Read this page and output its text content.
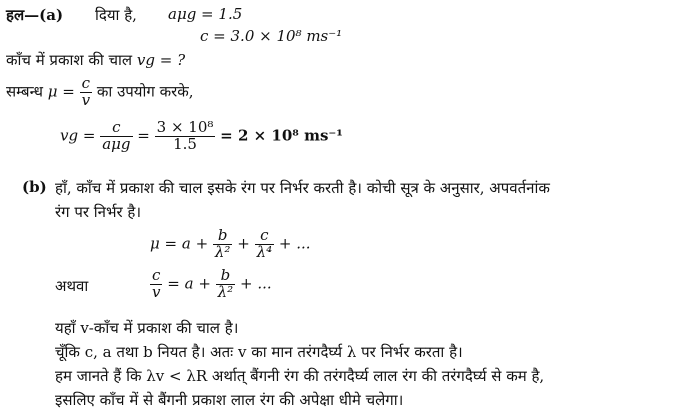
हल—(a) दिया है, aμg = 1.5
c = 3.0 × 10⁸ ms⁻¹
काँच में प्रकाश की चाल vg = ?
सम्बन्ध $\mu = \frac{c}{v}$ का उपयोग करके,
vg = $\frac{c}{\text{aμg}} = \frac{\text{3 × 10⁸}}{1.5} = 2 \times 10^8$ ms⁻¹
(b) हाँ, काँच में प्रकाश की चाल इसके रंग पर निर्भर करती है। कोची सूत्र के अनुसार, अपवर्तनांक
रंग पर निर्भर है।
$\mu = a + \frac{b}{\text{λ²}} + \frac{c}{\text{λ⁴}}$ + ...
अथवा	$\frac{c}{v} = a + \frac{b}{\text{λ²}}$ + ...
यहाँ v-काँच में प्रकाश की चाल है।
चूँकि c, a तथा b नियत है। अतः v का मान तरंगदैर्घ्य λ पर निर्भर करता है।
हम जानते हैं कि λv < λR अर्थात् बैंगनी रंग की तरंगदैर्घ्य लाल रंग की तरंगदैर्घ्य से कम है,
इसलिए काँच में से बैंगनी प्रकाश लाल रंग की अपेक्षा धीमे चलेगा।
